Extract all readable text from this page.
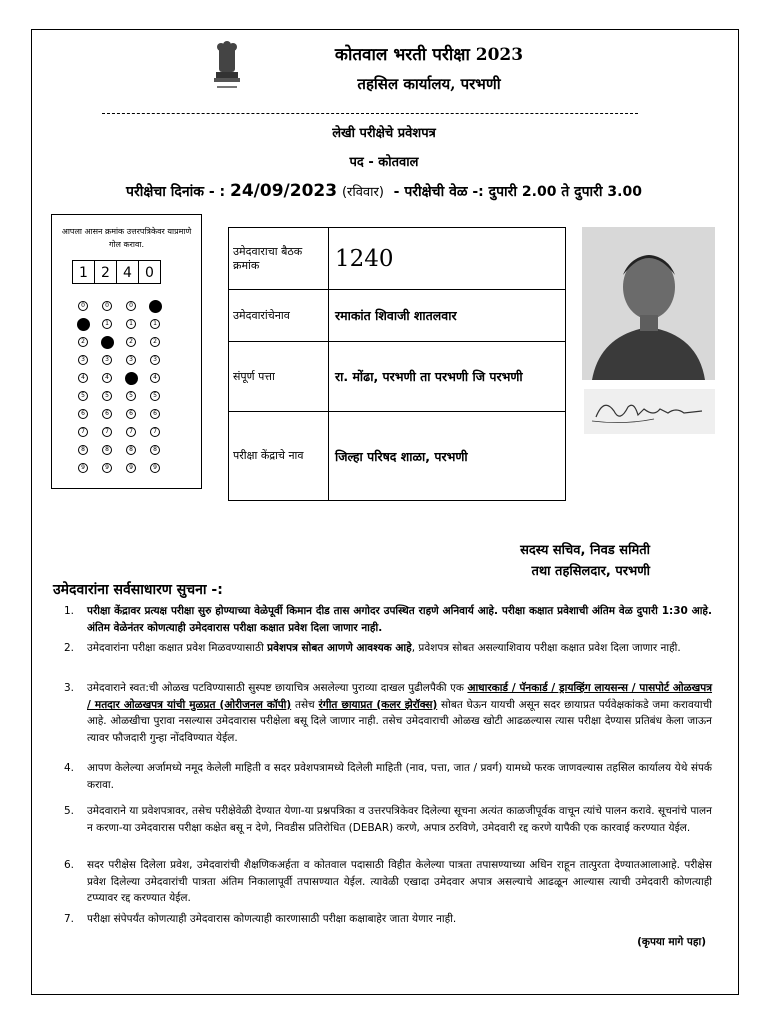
कोतवाल भरती परीक्षा 2023
तहसिल कार्यालय, परभणी
लेखी परीक्षेचे प्रवेशपत्र
पद - कोतवाल
परीक्षेचा दिनांक - : 24/09/2023 (रविवार) - परीक्षेची वेळ -: दुपारी 2.00 ते दुपारी 3.00
आपला आसन क्रमांक उत्तरपत्रिकेवर याप्रमाणे गोल करावा.
1 2 4 0
0
2
3
4
5
6
7
8
9
0
1
3
4
5
6
7
8
9
0
1
2
3
5
6
7
8
9
1
2
3
4
5
6
7
8
9
उमेदवाराचा बैठक क्रमांक	1240
उमेदवारांचेनाव	रमाकांत शिवाजी शातलवार
संपूर्ण पत्ता	रा. मोंढा, परभणी ता परभणी जि परभणी
परीक्षा केंद्राचे नाव	जिल्हा परिषद शाळा, परभणी
सदस्य सचिव, निवड समिती
तथा तहसिलदार, परभणी
उमेदवारांना सर्वसाधारण सुचना -:
1.	परीक्षा केंद्रावर प्रत्यक्ष परीक्षा सुरु होण्याच्या वेळेपूर्वी किमान दीड तास अगोदर उपस्थित राहणे अनिवार्य आहे. परीक्षा कक्षात प्रवेशाची अंतिम वेळ दुपारी 1:30 आहे. अंतिम वेळेनंतर कोणत्याही उमेदवारास परीक्षा कक्षात प्रवेश दिला जाणार नाही.
2.	उमेदवारांना परीक्षा कक्षात प्रवेश मिळवण्यासाठी प्रवेशपत्र सोबत आणणे आवश्यक आहे, प्रवेशपत्र सोबत असल्याशिवाय परीक्षा कक्षात प्रवेश दिला जाणार नाही.
3.	उमेदवाराने स्वत:ची ओळख पटविण्यासाठी सुस्पष्ट छायाचित्र असलेल्या पुराव्या दाखल पुढीलपैकी एक आधारकार्ड / पॅनकार्ड / ड्रायव्हिंग लायसन्स / पासपोर्ट ओळखपत्र / मतदार ओळखपत्र यांची मुळप्रत (ओरीजनल कॉपी) तसेच रंगीत छायाप्रत (कलर झेरॉक्स) सोबत घेऊन यायची असून सदर छायाप्रत पर्यवेक्षकांकडे जमा करावयाची आहे. ओळखीचा पुरावा नसल्यास उमेदवारास परीक्षेला बसू दिले जाणार नाही. तसेच उमेदवाराची ओळख खोटी आढळल्यास त्यास परीक्षा देण्यास प्रतिबंध केला जाऊन त्यावर फौजदारी गुन्हा नोंदविण्यात येईल.
4.	आपण केलेल्या अर्जामध्ये नमूद केलेली माहिती व सदर प्रवेशपत्रामध्ये दिलेली माहिती (नाव, पत्ता, जात / प्रवर्ग) यामध्ये फरक जाणवल्यास तहसिल कार्यालय येथे संपर्क करावा.
5.	उमेदवाराने या प्रवेशपत्रावर, तसेच परीक्षेवेळी देण्यात येणा-या प्रश्नपत्रिका व उत्तरपत्रिकेवर दिलेल्या सूचना अत्यंत काळजीपूर्वक वाचून त्यांचे पालन करावे. सूचनांचे पालन न करणा-या उमेदवारास परीक्षा कक्षेत बसू न देणे, निवडीस प्रतिरोधित (DEBAR) करणे, अपात्र ठरविणे, उमेदवारी रद्द करणे यापैकी एक कारवाई करण्यात येईल.
6.	सदर परीक्षेस दिलेला प्रवेश, उमेदवारांची शैक्षणिकअर्हता व कोतवाल पदासाठी विहीत केलेल्या पात्रता तपासण्याच्या अधिन राहून तात्पुरता देण्यातआलाआहे. परीक्षेस प्रवेश दिलेल्या उमेदवारांची पात्रता अंतिम निकालापूर्वी तपासण्यात येईल. त्यावेळी एखादा उमेदवार अपात्र असल्याचे आढळून आल्यास त्याची उमेदवारी कोणत्याही टप्प्यावर रद्द करण्यात येईल.
7.	परीक्षा संपेपर्यंत कोणत्याही उमेदवारास कोणत्याही कारणासाठी परीक्षा कक्षाबाहेर जाता येणार नाही.
(कृपया मागे पहा)
